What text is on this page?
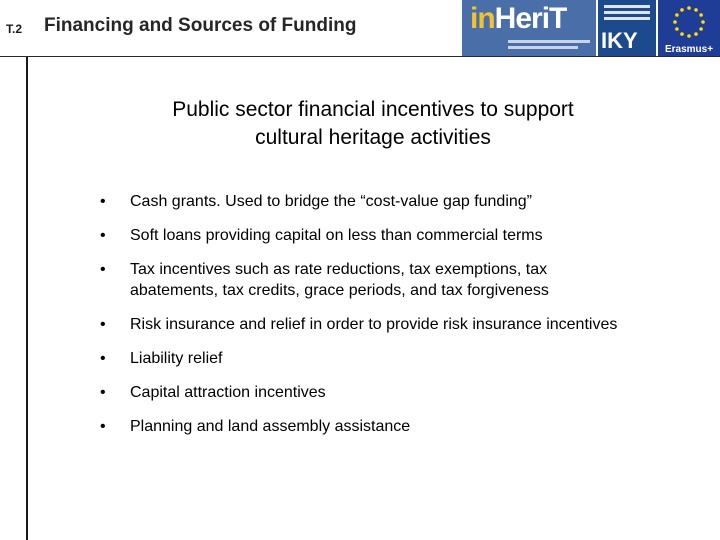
T.2 Financing and Sources of Funding	inHeriT
IKY	Erasmus+
Public sector financial incentives to support
cultural heritage activities
•	Cash grants. Used to bridge the “cost-value gap funding”
•	Soft loans providing capital on less than commercial terms
•	Tax incentives such as rate reductions, tax exemptions, tax
abatements, tax credits, grace periods, and tax forgiveness
•	Risk insurance and relief in order to provide risk insurance incentives
•	Liability relief
•	Capital attraction incentives
•	Planning and land assembly assistance
